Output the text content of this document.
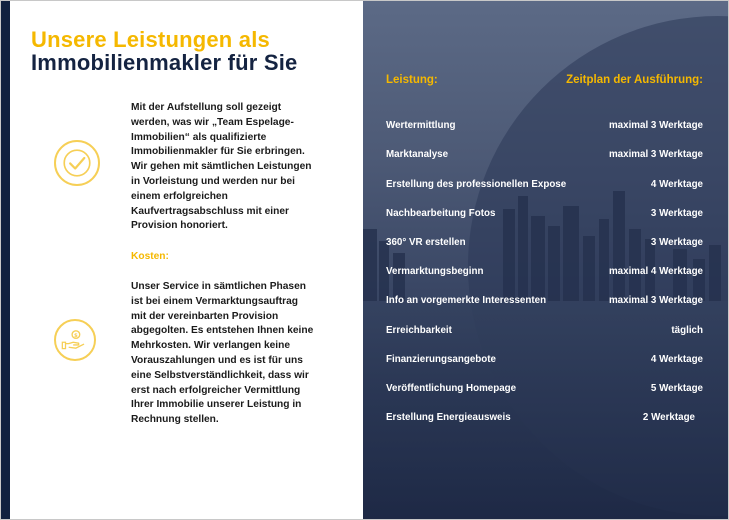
Unsere Leistungen als
Immobilienmakler für Sie
Mit der Aufstellung soll gezeigt
werden, was wir „Team Espelage-
Immobilien“ als qualifizierte
Immobilienmakler für Sie erbringen.
Wir gehen mit sämtlichen Leistungen
in Vorleistung und werden nur bei
einem erfolgreichen
Kaufvertragsabschluss mit einer
Provision honoriert.
Kosten:
$
Unser Service in sämtlichen Phasen
ist bei einem Vermarktungsauftrag
mit der vereinbarten Provision
abgegolten. Es entstehen Ihnen keine
Mehrkosten. Wir verlangen keine
Vorauszahlungen und es ist für uns
eine Selbstverständlichkeit, dass wir
erst nach erfolgreicher Vermittlung
Ihrer Immobilie unserer Leistung in
Rechnung stellen.
Leistung:	Zeitplan der Ausführung:
Wertermittlung	maximal 3 Werktage
Marktanalyse	maximal 3 Werktage
Erstellung des professionellen Expose	4 Werktage
Nachbearbeitung Fotos	3 Werktage
360° VR erstellen	3 Werktage
Vermarktungsbeginn	maximal 4 Werktage
Info an vorgemerkte Interessenten	maximal 3 Werktage
Erreichbarkeit	täglich
Finanzierungsangebote	4 Werktage
Veröffentlichung Homepage	5 Werktage
Erstellung Energieausweis	2 Werktage
